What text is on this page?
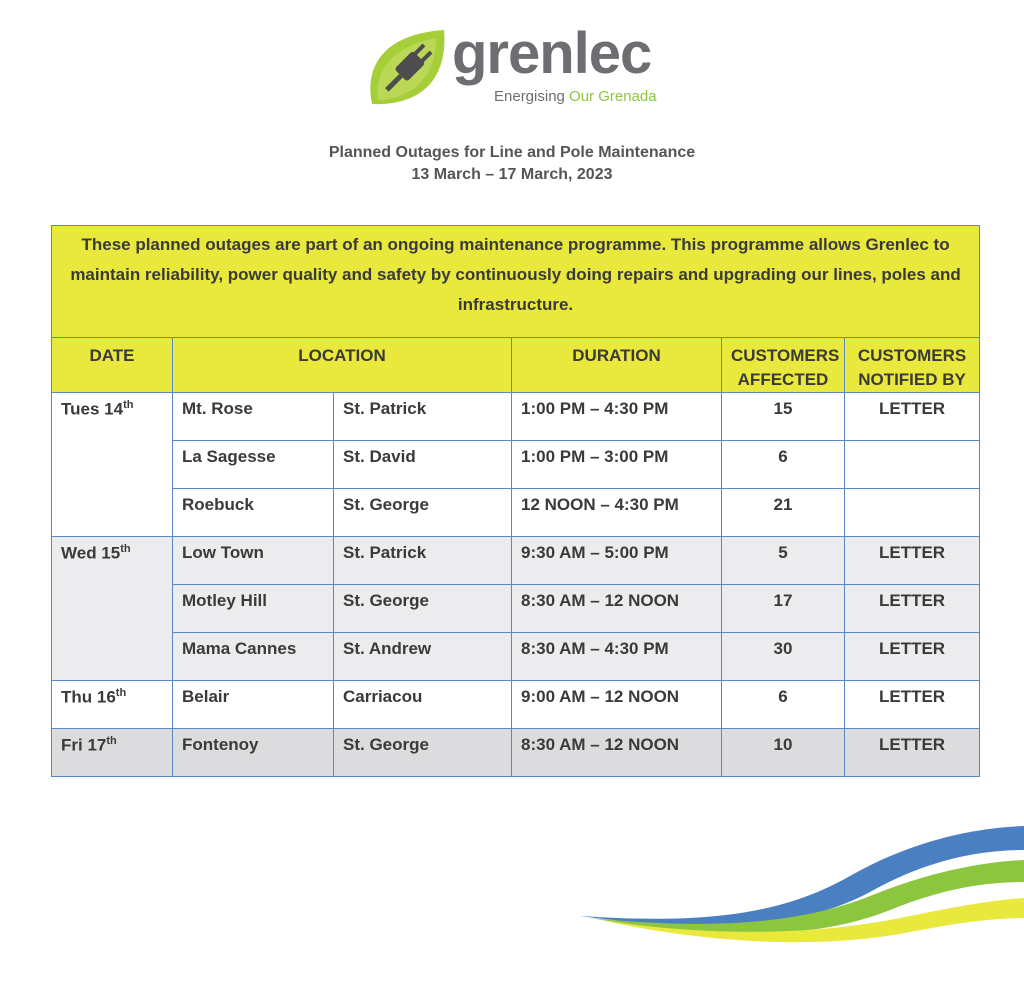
grenlec
Energising Our Grenada
Planned Outages for Line and Pole Maintenance
13 March – 17 March, 2023
These planned outages are part of an ongoing maintenance programme. This programme allows Grenlec to maintain reliability, power quality and safety by continuously doing repairs and upgrading our lines, poles and infrastructure.					
DATE	LOCATION		DURATION	CUSTOMERS AFFECTED	CUSTOMERS NOTIFIED BY
Tues 14th	Mt. Rose	St. Patrick	1:00 PM – 4:30 PM	15	LETTER
	La Sagesse	St. David	1:00 PM – 3:00 PM	6	
	Roebuck	St. George	12 NOON – 4:30 PM	21	
Wed 15th	Low Town	St. Patrick	9:30 AM – 5:00 PM	5	LETTER
	Motley Hill	St. George	8:30 AM – 12 NOON	17	LETTER
	Mama Cannes	St. Andrew	8:30 AM – 4:30 PM	30	LETTER
Thu 16th	Belair	Carriacou	9:00 AM – 12 NOON	6	LETTER
Fri 17th	Fontenoy	St. George	8:30 AM – 12 NOON	10	LETTER
